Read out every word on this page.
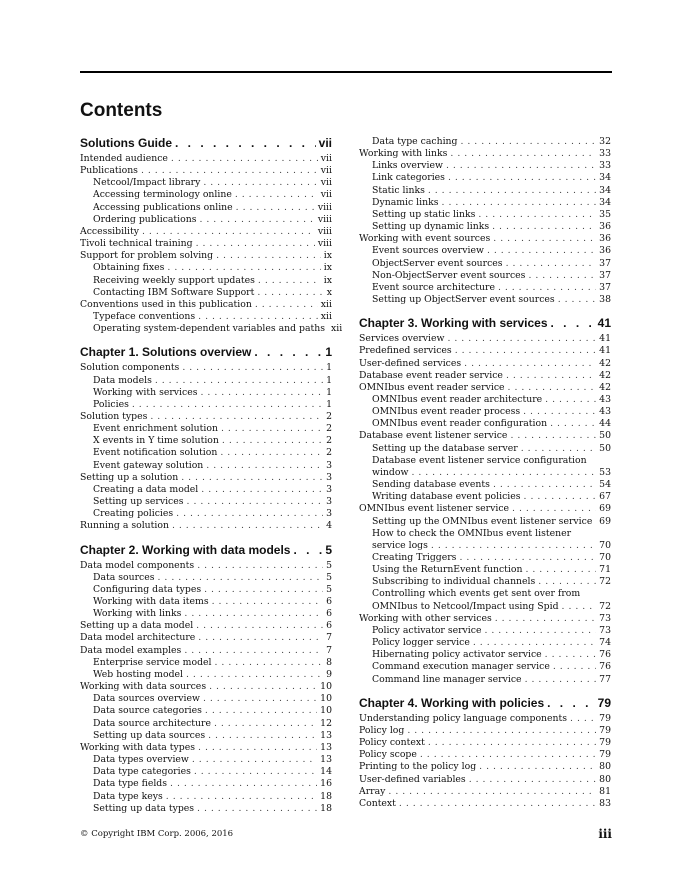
Contents
Solutions Guide . . .	vii
Intended audience . . .	vii
Publications . . .	vii
Netcool/Impact library . . .	vii
Accessing terminology online . . .	vii
Accessing publications online . . .	viii
Ordering publications . . .	viii
Accessibility . . .	viii
Tivoli technical training . . .	viii
Support for problem solving . . .	ix
Obtaining fixes . . .	ix
Receiving weekly support updates . . .	ix
Contacting IBM Software Support . . .	x
Conventions used in this publication . . .	xii
Typeface conventions . . .	xii
Operating system-dependent variables and paths . . . xii
Chapter 1. Solutions overview . . .	1
Solution components . . .	1
Data models . . .	1
Working with services . . .	1
Policies . . .	1
Solution types . . .	2
Event enrichment solution . . .	2
X events in Y time solution . . .	2
Event notification solution . . .	2
Event gateway solution . . .	3
Setting up a solution . . .	3
Creating a data model . . .	3
Setting up services . . .	3
Creating policies . . .	3
Running a solution . . .	4
Chapter 2. Working with data models . . .	5
Data model components . . .	5
Data sources . . .	5
Configuring data types . . .	5
Working with data items . . .	6
Working with links . . .	6
Setting up a data model . . .	6
Data model architecture . . .	7
Data model examples . . .	7
Enterprise service model . . .	8
Web hosting model . . .	9
Working with data sources . . .	10
Data sources overview . . .	10
Data source categories . . .	10
Data source architecture . . .	12
Setting up data sources . . .	13
Working with data types . . .	13
Data types overview . . .	13
Data type categories . . .	14
Data type fields . . .	16
Data type keys . . .	18
Setting up data types . . .	18
Data type caching . . .	32
Working with links . . .	33
Links overview . . .	33
Link categories . . .	34
Static links . . .	34
Dynamic links . . .	34
Setting up static links . . .	35
Setting up dynamic links . . .	36
Working with event sources . . .	36
Event sources overview . . .	36
ObjectServer event sources . . .	37
Non-ObjectServer event sources . . .	37
Event source architecture . . .	37
Setting up ObjectServer event sources . . .	38
Chapter 3. Working with services . . .	41
Services overview . . .	41
Predefined services . . .	41
User-defined services . . .	42
Database event reader service . . .	42
OMNIbus event reader service . . .	42
OMNIbus event reader architecture . . .	43
OMNIbus event reader process . . .	43
OMNIbus event reader configuration . . .	44
Database event listener service . . .	50
Setting up the database server . . .	50
Database event listener service configuration
window . . .	53
Sending database events . . .	54
Writing database event policies . . .	67
OMNIbus event listener service . . .	69
Setting up the OMNIbus event listener service . . . 69
How to check the OMNIbus event listener
service logs . . .	70
Creating Triggers . . .	70
Using the ReturnEvent function . . .	71
Subscribing to individual channels . . .	72
Controlling which events get sent over from
OMNIbus to Netcool/Impact using Spid . . .	72
Working with other services . . .	73
Policy activator service . . .	73
Policy logger service . . .	74
Hibernating policy activator service . . .	76
Command execution manager service . . .	76
Command line manager service . . .	77
Chapter 4. Working with policies . . .	79
Understanding policy language components . . .	79
Policy log . . .	79
Policy context . . .	79
Policy scope . . .	79
Printing to the policy log . . .	80
User-defined variables . . .	80
Array . . .	81
Context . . .	83
© Copyright IBM Corp. 2006, 2016	iii
